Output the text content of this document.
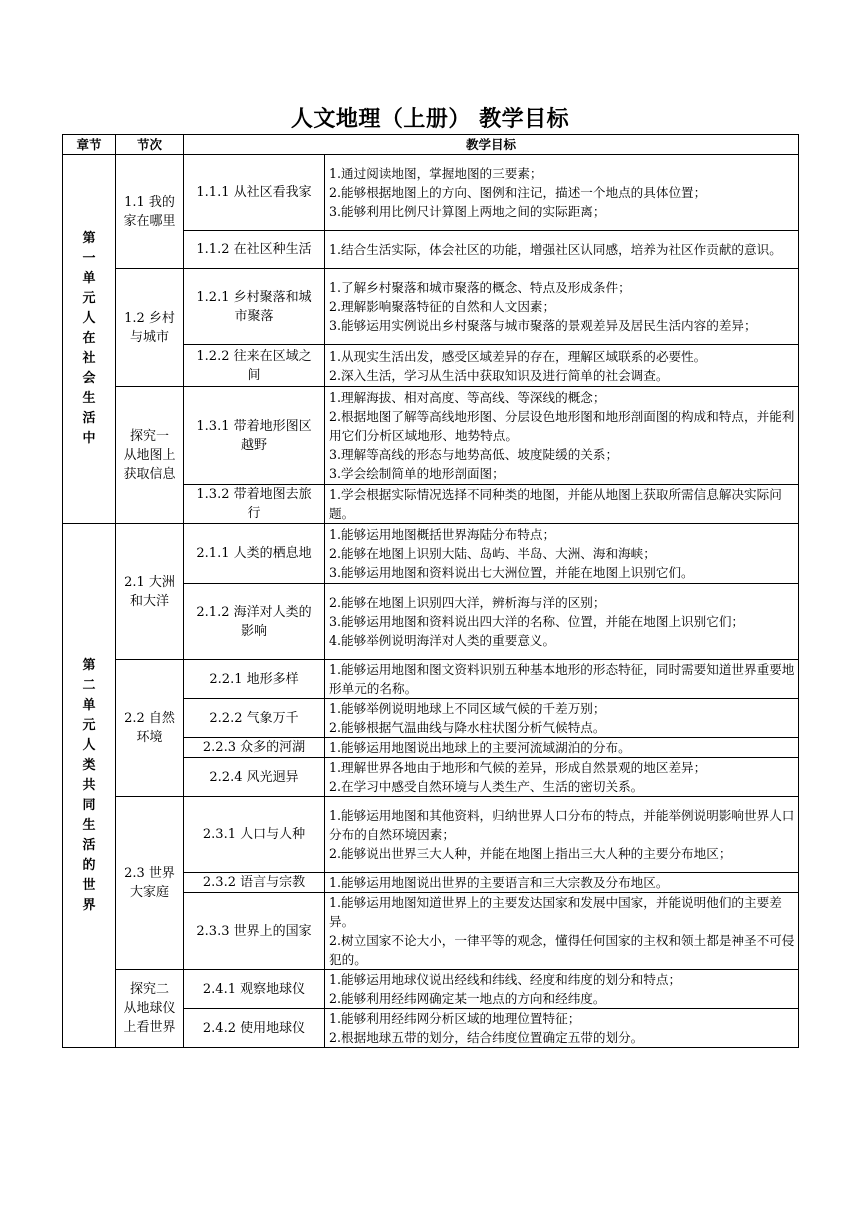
人文地理（上册） 教学目标
章节	节次	教学目标	
第一单元 人在社会生活中	1.1 我的家在哪里	1.1.1 从社区看我家	1.通过阅读地图，掌握地图的三要素；
2.能够根据地图上的方向、图例和注记，描述一个地点的具体位置；
3.能够利用比例尺计算图上两地之间的实际距离；

		1.1.2 在社区种生活	1.结合生活实际，体会社区的功能，增强社区认同感，培养为社区作贡献的意识。

	1.2 乡村与城市	1.2.1 乡村聚落和城市聚落	1.了解乡村聚落和城市聚落的概念、特点及形成条件；
2.理解影响聚落特征的自然和人文因素；
3.能够运用实例说出乡村聚落与城市聚落的景观差异及居民生活内容的差异；

		1.2.2 往来在区域之间	1.从现实生活出发，感受区域差异的存在，理解区域联系的必要性。
2.深入生活，学习从生活中获取知识及进行简单的社会调查。

	探究一 从地图上获取信息	1.3.1 带着地形图区越野	1.理解海拔、相对高度、等高线、等深线的概念；
2.根据地图了解等高线地形图、分层设色地形图和地形剖面图的构成和特点，并能利用它们分析区域地形、地势特点。
3.理解等高线的形态与地势高低、坡度陡缓的关系；
3.学会绘制简单的地形剖面图；

		1.3.2 带着地图去旅行	1.学会根据实际情况选择不同种类的地图，并能从地图上获取所需信息解决实际问题。

第二单元 人类共同生活的世界	2.1 大洲和大洋	2.1.1 人类的栖息地	1.能够运用地图概括世界海陆分布特点；
2.能够在地图上识别大陆、岛屿、半岛、大洲、海和海峡；
3.能够运用地图和资料说出七大洲位置，并能在地图上识别它们。

		2.1.2 海洋对人类的影响	2.能够在地图上识别四大洋，辨析海与洋的区别；
3.能够运用地图和资料说出四大洋的名称、位置，并能在地图上识别它们；
4.能够举例说明海洋对人类的重要意义。

	2.2 自然环境	2.2.1 地形多样	1.能够运用地图和图文资料识别五种基本地形的形态特征，同时需要知道世界重要地形单元的名称。

		2.2.2 气象万千	1.能够举例说明地球上不同区域气候的千差万别；
2.能够根据气温曲线与降水柱状图分析气候特点。

		2.2.3 众多的河湖	1.能够运用地图说出地球上的主要河流域湖泊的分布。

		2.2.4 风光迥异	1.理解世界各地由于地形和气候的差异，形成自然景观的地区差异；
2.在学习中感受自然环境与人类生产、生活的密切关系。

	2.3 世界大家庭	2.3.1 人口与人种	1.能够运用地图和其他资料，归纳世界人口分布的特点，并能举例说明影响世界人口分布的自然环境因素；
2.能够说出世界三大人种，并能在地图上指出三大人种的主要分布地区；

		2.3.2 语言与宗教	1.能够运用地图说出世界的主要语言和三大宗教及分布地区。

		2.3.3 世界上的国家	1.能够运用地图知道世界上的主要发达国家和发展中国家，并能说明他们的主要差异。
2.树立国家不论大小，一律平等的观念，懂得任何国家的主权和领土都是神圣不可侵犯的。

	探究二 从地球仪上看世界	2.4.1 观察地球仪	1.能够运用地球仪说出经线和纬线、经度和纬度的划分和特点；
2.能够利用经纬网确定某一地点的方向和经纬度。

		2.4.2 使用地球仪	1.能够利用经纬网分析区域的地理位置特征；
2.根据地球五带的划分，结合纬度位置确定五带的划分。
